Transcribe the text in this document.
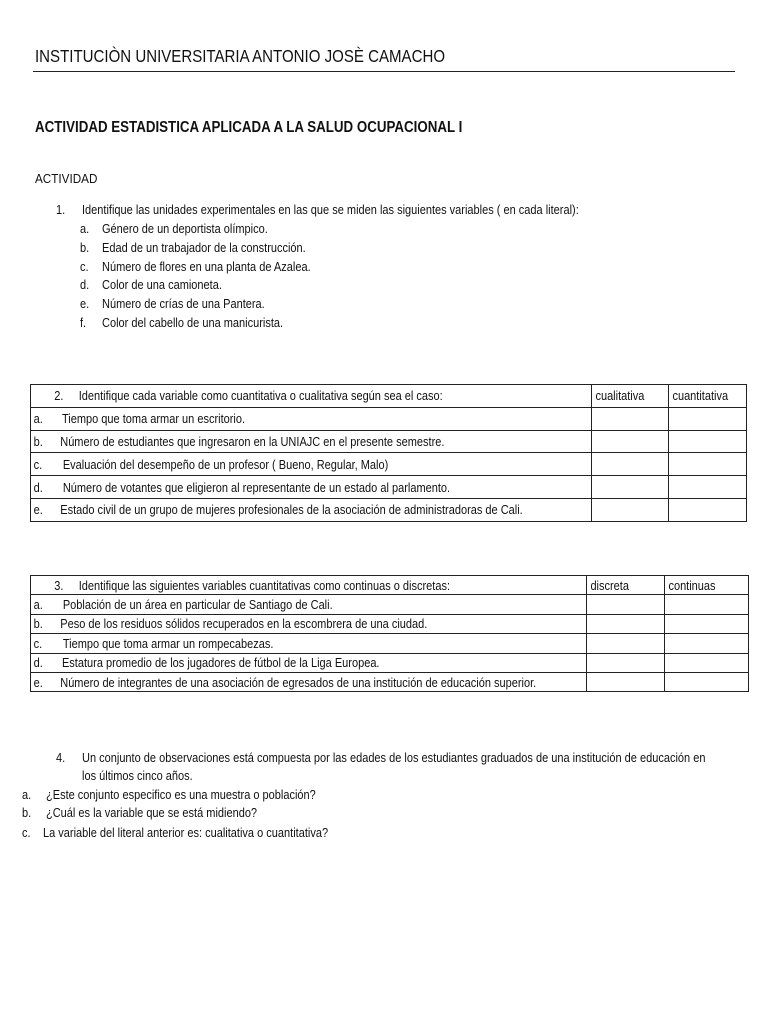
INSTITUCIÒN UNIVERSITARIA ANTONIO JOSÈ CAMACHO
ACTIVIDAD ESTADISTICA APLICADA A LA SALUD OCUPACIONAL I
ACTIVIDAD
1. Identifique las unidades experimentales en las que se miden las siguientes variables ( en cada literal):
a. Género de un deportista olímpico.
b. Edad de un trabajador de la construcción.
c. Número de flores en una planta de Azalea.
d. Color de una camioneta.
e. Número de crías de una Pantera.
f. Color del cabello de una manicurista.
2. Identifique cada variable como cuantitativa o cualitativa según sea el caso:	cualitativa	cuantitativa

a. Tiempo que toma armar un escritorio.		

b. Número de estudiantes que ingresaron en la UNIAJC en el presente semestre.		

c. Evaluación del desempeño de un profesor ( Bueno, Regular, Malo)		

d. Número de votantes que eligieron al representante de un estado al parlamento.		

e. Estado civil de un grupo de mujeres profesionales de la asociación de administradoras de Cali.		

3. Identifique las siguientes variables cuantitativas como continuas o discretas:	discreta	continuas

a. Población de un área en particular de Santiago de Cali.		

b. Peso de los residuos sólidos recuperados en la escombrera de una ciudad.		

c. Tiempo que toma armar un rompecabezas.		

d. Estatura promedio de los jugadores de fútbol de la Liga Europea.		

e. Número de integrantes de una asociación de egresados de una institución de educación superior.		

4. Un conjunto de observaciones está compuesta por las edades de los estudiantes graduados de una institución de educación en
los últimos cinco años.
a. ¿Este conjunto especifico es una muestra o población?
b. ¿Cuál es la variable que se está midiendo?
c. La variable del literal anterior es: cualitativa o cuantitativa?
